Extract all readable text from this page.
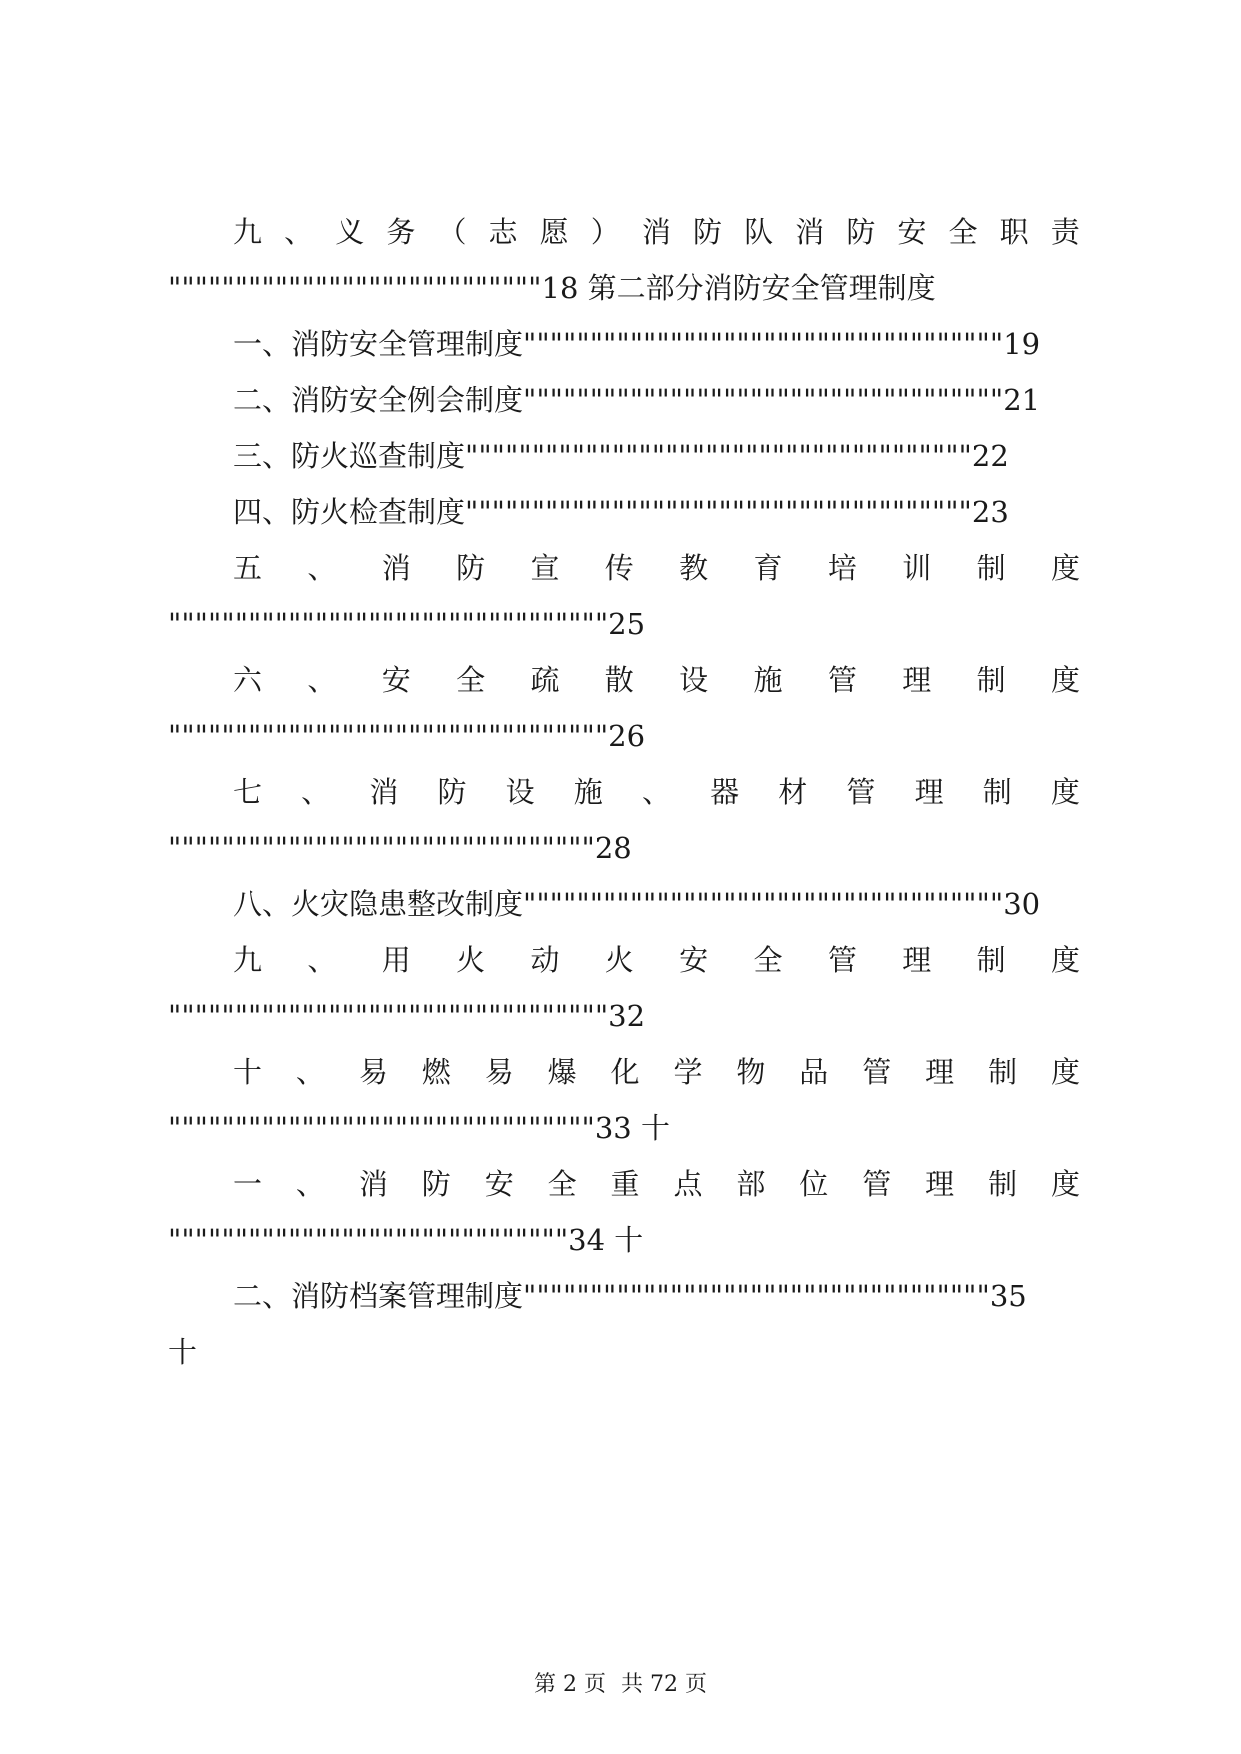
九 、 义 务 （ 志 愿 ） 消 防 队 消 防 安 全 职 责
""""""""""""""""""""""""""""18 第二部分消防安全管理制度
一、消防安全管理制度""""""""""""""""""""""""""""""""""""19
二、消防安全例会制度""""""""""""""""""""""""""""""""""""21
三、防火巡查制度""""""""""""""""""""""""""""""""""""""22
四、防火检查制度""""""""""""""""""""""""""""""""""""""23
五 、 消 防 宣 传 教 育 培 训 制 度
"""""""""""""""""""""""""""""""""25
六 、 安 全 疏 散 设 施 管 理 制 度
"""""""""""""""""""""""""""""""""26
七 、 消 防 设 施 、 器 材 管 理 制 度
""""""""""""""""""""""""""""""""28
八、火灾隐患整改制度""""""""""""""""""""""""""""""""""""30
九 、 用 火 动 火 安 全 管 理 制 度
"""""""""""""""""""""""""""""""""32
十 、 易 燃 易 爆 化 学 物 品 管 理 制 度
""""""""""""""""""""""""""""""""33 十
一 、 消 防 安 全 重 点 部 位 管 理 制 度
""""""""""""""""""""""""""""""34 十
二、消防档案管理制度"""""""""""""""""""""""""""""""""""35
十
第 2 页 共 72 页
